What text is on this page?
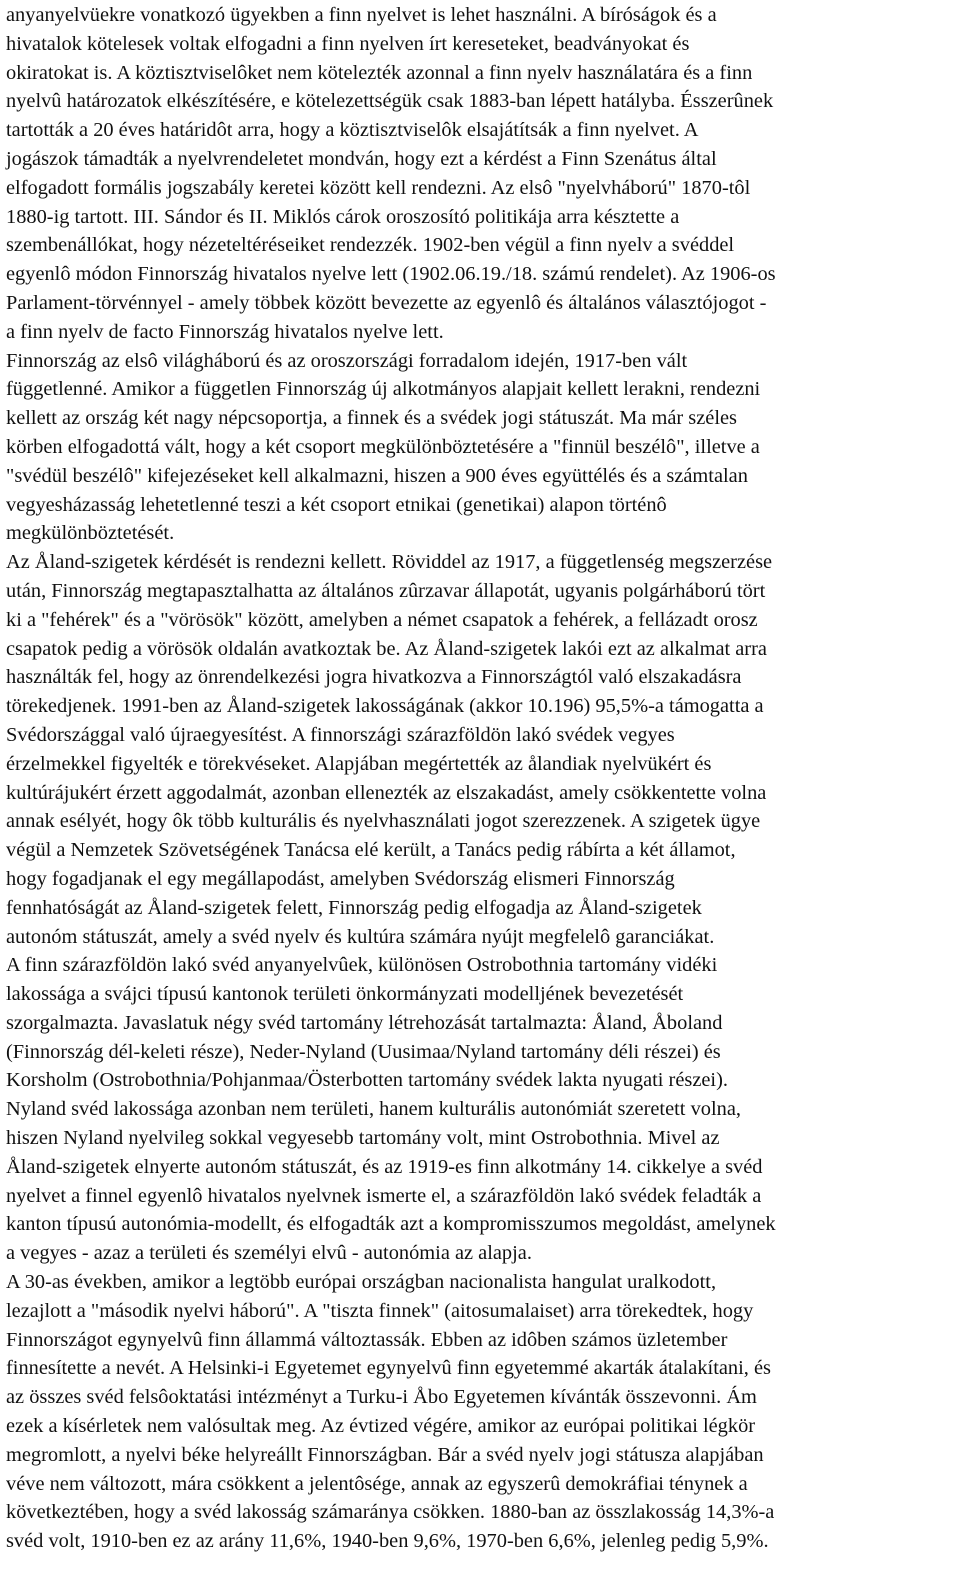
anyanyelvüekre vonatkozó ügyekben a finn nyelvet is lehet használni. A bíróságok és a
hivatalok kötelesek voltak elfogadni a finn nyelven írt kereseteket, beadványokat és
okiratokat is. A köztisztviselôket nem kötelezték azonnal a finn nyelv használatára és a finn
nyelvû határozatok elkészítésére, e kötelezettségük csak 1883-ban lépett hatályba. Ésszerûnek
tartották a 20 éves határidôt arra, hogy a köztisztviselôk elsajátítsák a finn nyelvet. A
jogászok támadták a nyelvrendeletet mondván, hogy ezt a kérdést a Finn Szenátus által
elfogadott formális jogszabály keretei között kell rendezni. Az elsô "nyelvháború" 1870-tôl
1880-ig tartott. III. Sándor és II. Miklós cárok oroszosító politikája arra késztette a
szembenállókat, hogy nézeteltéréseiket rendezzék. 1902-ben végül a finn nyelv a svéddel
egyenlô módon Finnország hivatalos nyelve lett (1902.06.19./18. számú rendelet). Az 1906-os
Parlament-törvénnyel - amely többek között bevezette az egyenlô és általános választójogot -
a finn nyelv de facto Finnország hivatalos nyelve lett.
Finnország az elsô világháború és az oroszországi forradalom idején, 1917-ben vált
függetlenné. Amikor a független Finnország új alkotmányos alapjait kellett lerakni, rendezni
kellett az ország két nagy népcsoportja, a finnek és a svédek jogi státuszát. Ma már széles
körben elfogadottá vált, hogy a két csoport megkülönböztetésére a "finnül beszélô", illetve a
"svédül beszélô" kifejezéseket kell alkalmazni, hiszen a 900 éves együttélés és a számtalan
vegyesházasság lehetetlenné teszi a két csoport etnikai (genetikai) alapon történô
megkülönböztetését.
Az Åland-szigetek kérdését is rendezni kellett. Röviddel az 1917, a függetlenség megszerzése
után, Finnország megtapasztalhatta az általános zûrzavar állapotát, ugyanis polgárháború tört
ki a "fehérek" és a "vörösök" között, amelyben a német csapatok a fehérek, a fellázadt orosz
csapatok pedig a vörösök oldalán avatkoztak be. Az Åland-szigetek lakói ezt az alkalmat arra
használták fel, hogy az önrendelkezési jogra hivatkozva a Finnországtól való elszakadásra
törekedjenek. 1991-ben az Åland-szigetek lakosságának (akkor 10.196) 95,5%-a támogatta a
Svédországgal való újraegyesítést. A finnországi szárazföldön lakó svédek vegyes
érzelmekkel figyelték e törekvéseket. Alapjában megértették az ålandiak nyelvükért és
kultúrájukért érzett aggodalmát, azonban ellenezték az elszakadást, amely csökkentette volna
annak esélyét, hogy ôk több kulturális és nyelvhasználati jogot szerezzenek. A szigetek ügye
végül a Nemzetek Szövetségének Tanácsa elé került, a Tanács pedig rábírta a két államot,
hogy fogadjanak el egy megállapodást, amelyben Svédország elismeri Finnország
fennhatóságát az Åland-szigetek felett, Finnország pedig elfogadja az Åland-szigetek
autonóm státuszát, amely a svéd nyelv és kultúra számára nyújt megfelelô garanciákat.
A finn szárazföldön lakó svéd anyanyelvûek, különösen Ostrobothnia tartomány vidéki
lakossága a svájci típusú kantonok területi önkormányzati modelljének bevezetését
szorgalmazta. Javaslatuk négy svéd tartomány létrehozását tartalmazta: Åland, Åboland
(Finnország dél-keleti része), Neder-Nyland (Uusimaa/Nyland tartomány déli részei) és
Korsholm (Ostrobothnia/Pohjanmaa/Österbotten tartomány svédek lakta nyugati részei).
Nyland svéd lakossága azonban nem területi, hanem kulturális autonómiát szeretett volna,
hiszen Nyland nyelvileg sokkal vegyesebb tartomány volt, mint Ostrobothnia. Mivel az
Åland-szigetek elnyerte autonóm státuszát, és az 1919-es finn alkotmány 14. cikkelye a svéd
nyelvet a finnel egyenlô hivatalos nyelvnek ismerte el, a szárazföldön lakó svédek feladták a
kanton típusú autonómia-modellt, és elfogadták azt a kompromisszumos megoldást, amelynek
a vegyes - azaz a területi és személyi elvû - autonómia az alapja.
A 30-as években, amikor a legtöbb európai országban nacionalista hangulat uralkodott,
lezajlott a "második nyelvi háború". A "tiszta finnek" (aitosumalaiset) arra törekedtek, hogy
Finnországot egynyelvû finn állammá változtassák. Ebben az idôben számos üzletember
finnesítette a nevét. A Helsinki-i Egyetemet egynyelvû finn egyetemmé akarták átalakítani, és
az összes svéd felsôoktatási intézményt a Turku-i Åbo Egyetemen kívánták összevonni. Ám
ezek a kísérletek nem valósultak meg. Az évtized végére, amikor az európai politikai légkör
megromlott, a nyelvi béke helyreállt Finnországban. Bár a svéd nyelv jogi státusza alapjában
véve nem változott, mára csökkent a jelentôsége, annak az egyszerû demokráfiai ténynek a
következtében, hogy a svéd lakosság számaránya csökken. 1880-ban az összlakosság 14,3%-a
svéd volt, 1910-ben ez az arány 11,6%, 1940-ben 9,6%, 1970-ben 6,6%, jelenleg pedig 5,9%.
